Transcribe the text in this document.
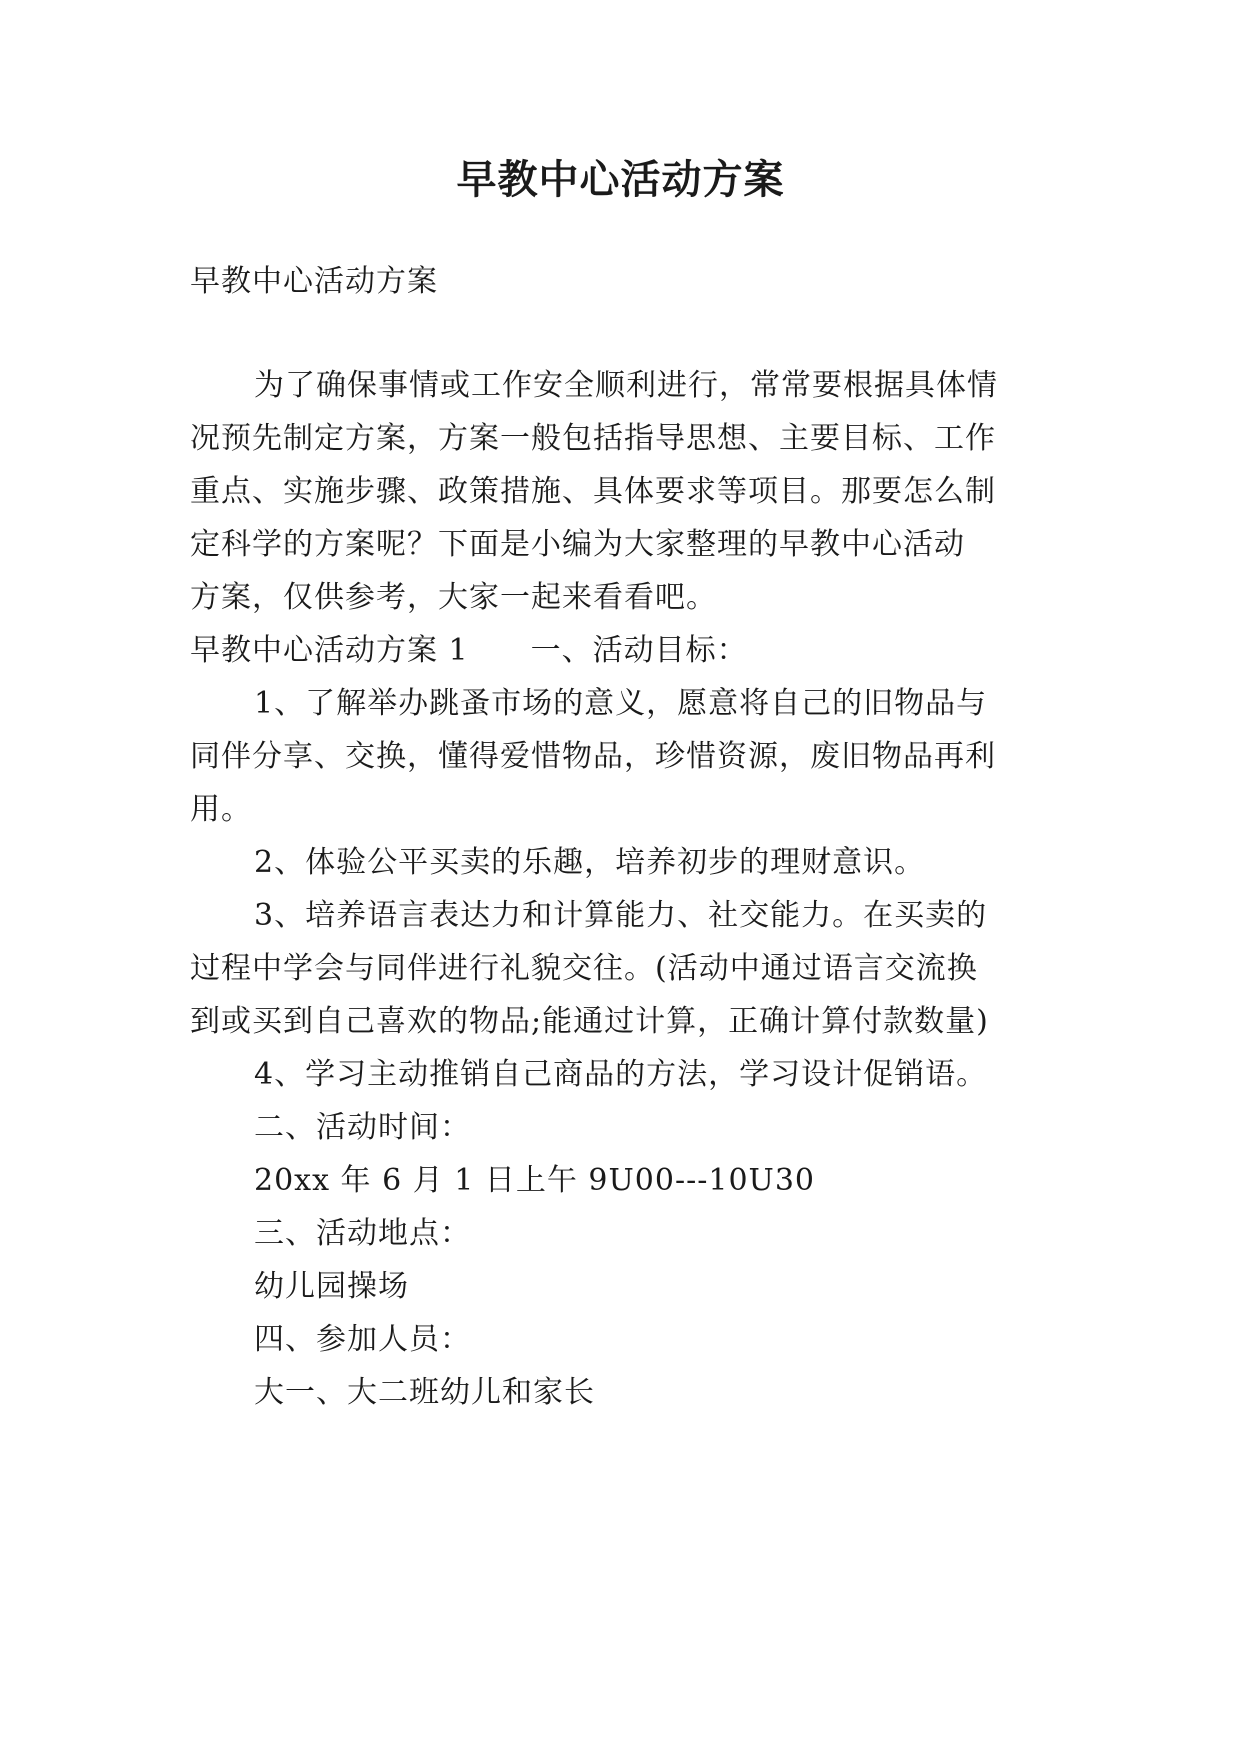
早教中心活动方案
早教中心活动方案
为了确保事情或工作安全顺利进行，常常要根据具体情
况预先制定方案，方案一般包括指导思想、主要目标、工作
重点、实施步骤、政策措施、具体要求等项目。那要怎么制
定科学的方案呢？下面是小编为大家整理的早教中心活动
方案，仅供参考，大家一起来看看吧。
早教中心活动方案 1 一、活动目标：
1、了解举办跳蚤市场的意义，愿意将自己的旧物品与
同伴分享、交换，懂得爱惜物品，珍惜资源，废旧物品再利
用。
2、体验公平买卖的乐趣，培养初步的理财意识。
3、培养语言表达力和计算能力、社交能力。在买卖的
过程中学会与同伴进行礼貌交往。(活动中通过语言交流换
到或买到自己喜欢的物品;能通过计算，正确计算付款数量)
4、学习主动推销自己商品的方法，学习设计促销语。
二、活动时间：
20xx 年 6 月 1 日上午 9U00---10U30
三、活动地点：
幼儿园操场
四、参加人员：
大一、大二班幼儿和家长
